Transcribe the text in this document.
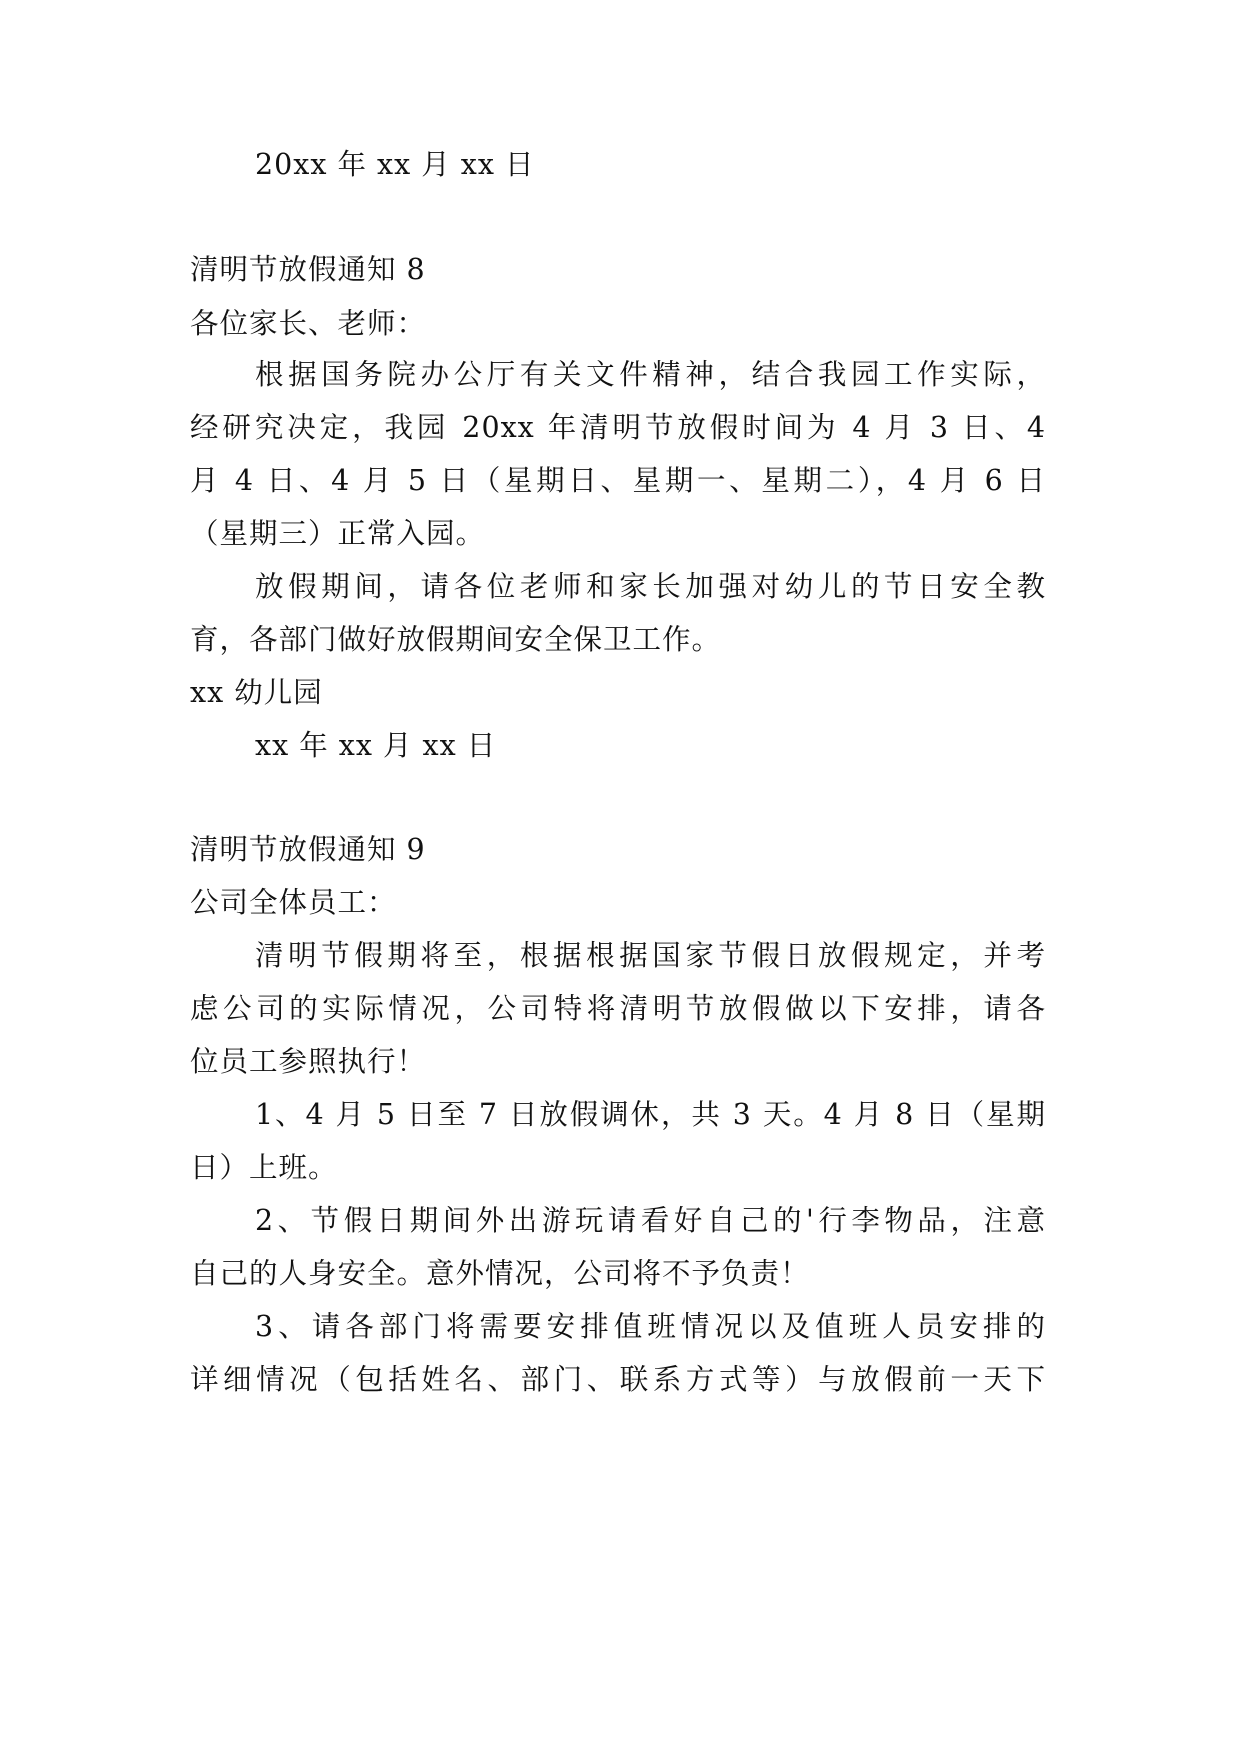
20xx 年 xx 月 xx 日
清明节放假通知 8
各位家长、老师：
根据国务院办公厅有关文件精神，结合我园工作实际，
经研究决定，我园 20xx 年清明节放假时间为 4 月 3 日、4
月 4 日、4 月 5 日（星期日、星期一、星期二），4 月 6 日
（星期三）正常入园。
放假期间，请各位老师和家长加强对幼儿的节日安全教
育，各部门做好放假期间安全保卫工作。
xx 幼儿园
xx 年 xx 月 xx 日
清明节放假通知 9
公司全体员工：
清明节假期将至，根据根据国家节假日放假规定，并考
虑公司的实际情况，公司特将清明节放假做以下安排，请各
位员工参照执行！
1、4 月 5 日至 7 日放假调休，共 3 天。4 月 8 日（星期
日）上班。
2、节假日期间外出游玩请看好自己的'行李物品，注意
自己的人身安全。意外情况，公司将不予负责！
3、请各部门将需要安排值班情况以及值班人员安排的
详细情况（包括姓名、部门、联系方式等）与放假前一天下
